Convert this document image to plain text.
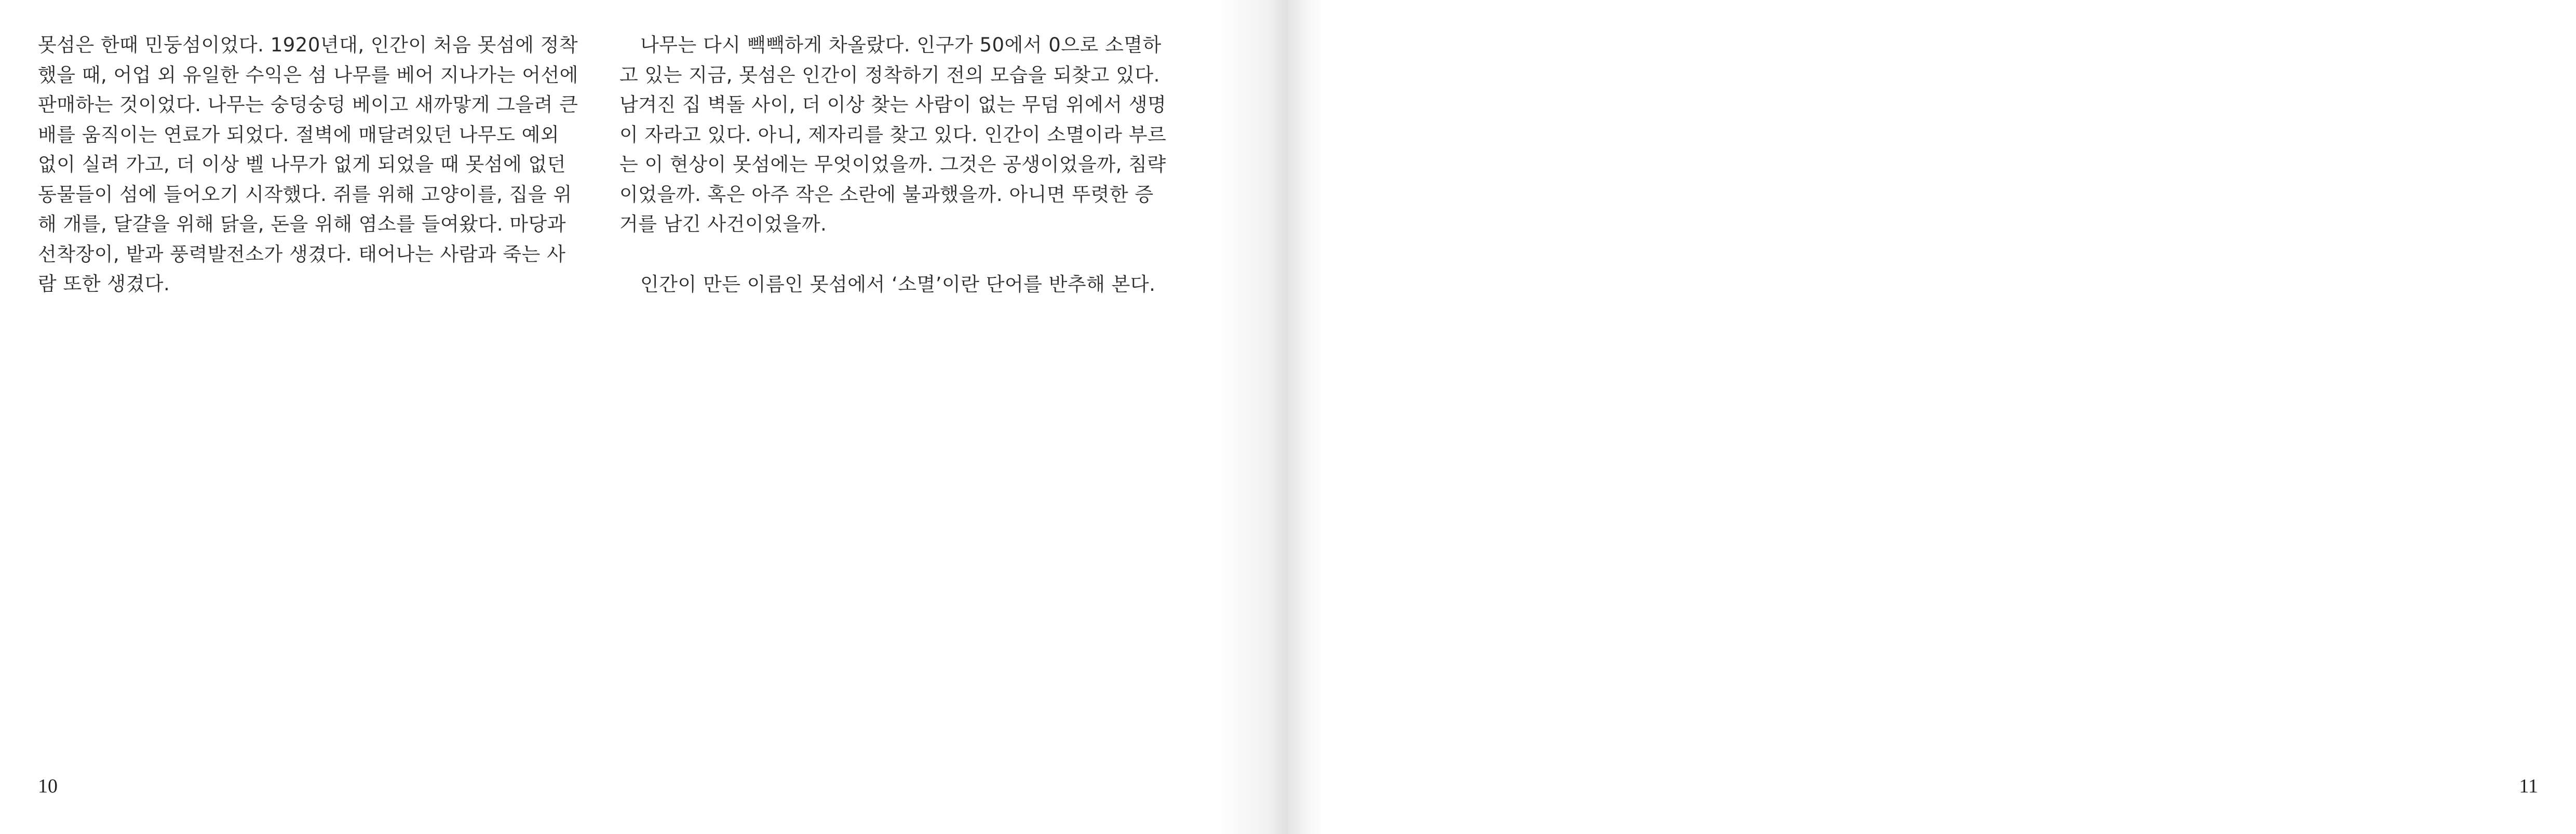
못섬은 한때 민둥섬이었다. 1920년대, 인간이 처음 못섬에 정착했을 때, 어업 외 유일한 수익은 섬 나무를 베어 지나가는 어선에 판매하는 것이었다. 나무는 숭덩숭덩 베이고 새까맣게 그을려 큰 배를 움직이는 연료가 되었다. 절벽에 매달려있던 나무도 예외 없이 실려 가고, 더 이상 벨 나무가 없게 되었을 때 못섬에 없던 동물들이 섬에 들어오기 시작했다. 쥐를 위해 고양이를, 집을 위해 개를, 달걀을 위해 닭을, 돈을 위해 염소를 들여왔다. 마당과 선착장이, 밭과 풍력발전소가 생겼다. 태어나는 사람과 죽는 사람 또한 생겼다.

나무는 다시 빽빽하게 차올랐다. 인구가 50에서 0으로 소멸하고 있는 지금, 못섬은 인간이 정착하기 전의 모습을 되찾고 있다. 남겨진 집 벽돌 사이, 더 이상 찾는 사람이 없는 무덤 위에서 생명이 자라고 있다. 아니, 제자리를 찾고 있다. 인간이 소멸이라 부르는 이 현상이 못섬에는 무엇이었을까. 그것은 공생이었을까, 침략이었을까. 혹은 아주 작은 소란에 불과했을까. 아니면 뚜렷한 증거를 남긴 사건이었을까.

인간이 만든 이름인 못섬에서 ‘소멸’이란 단어를 반추해 본다.

10	11
